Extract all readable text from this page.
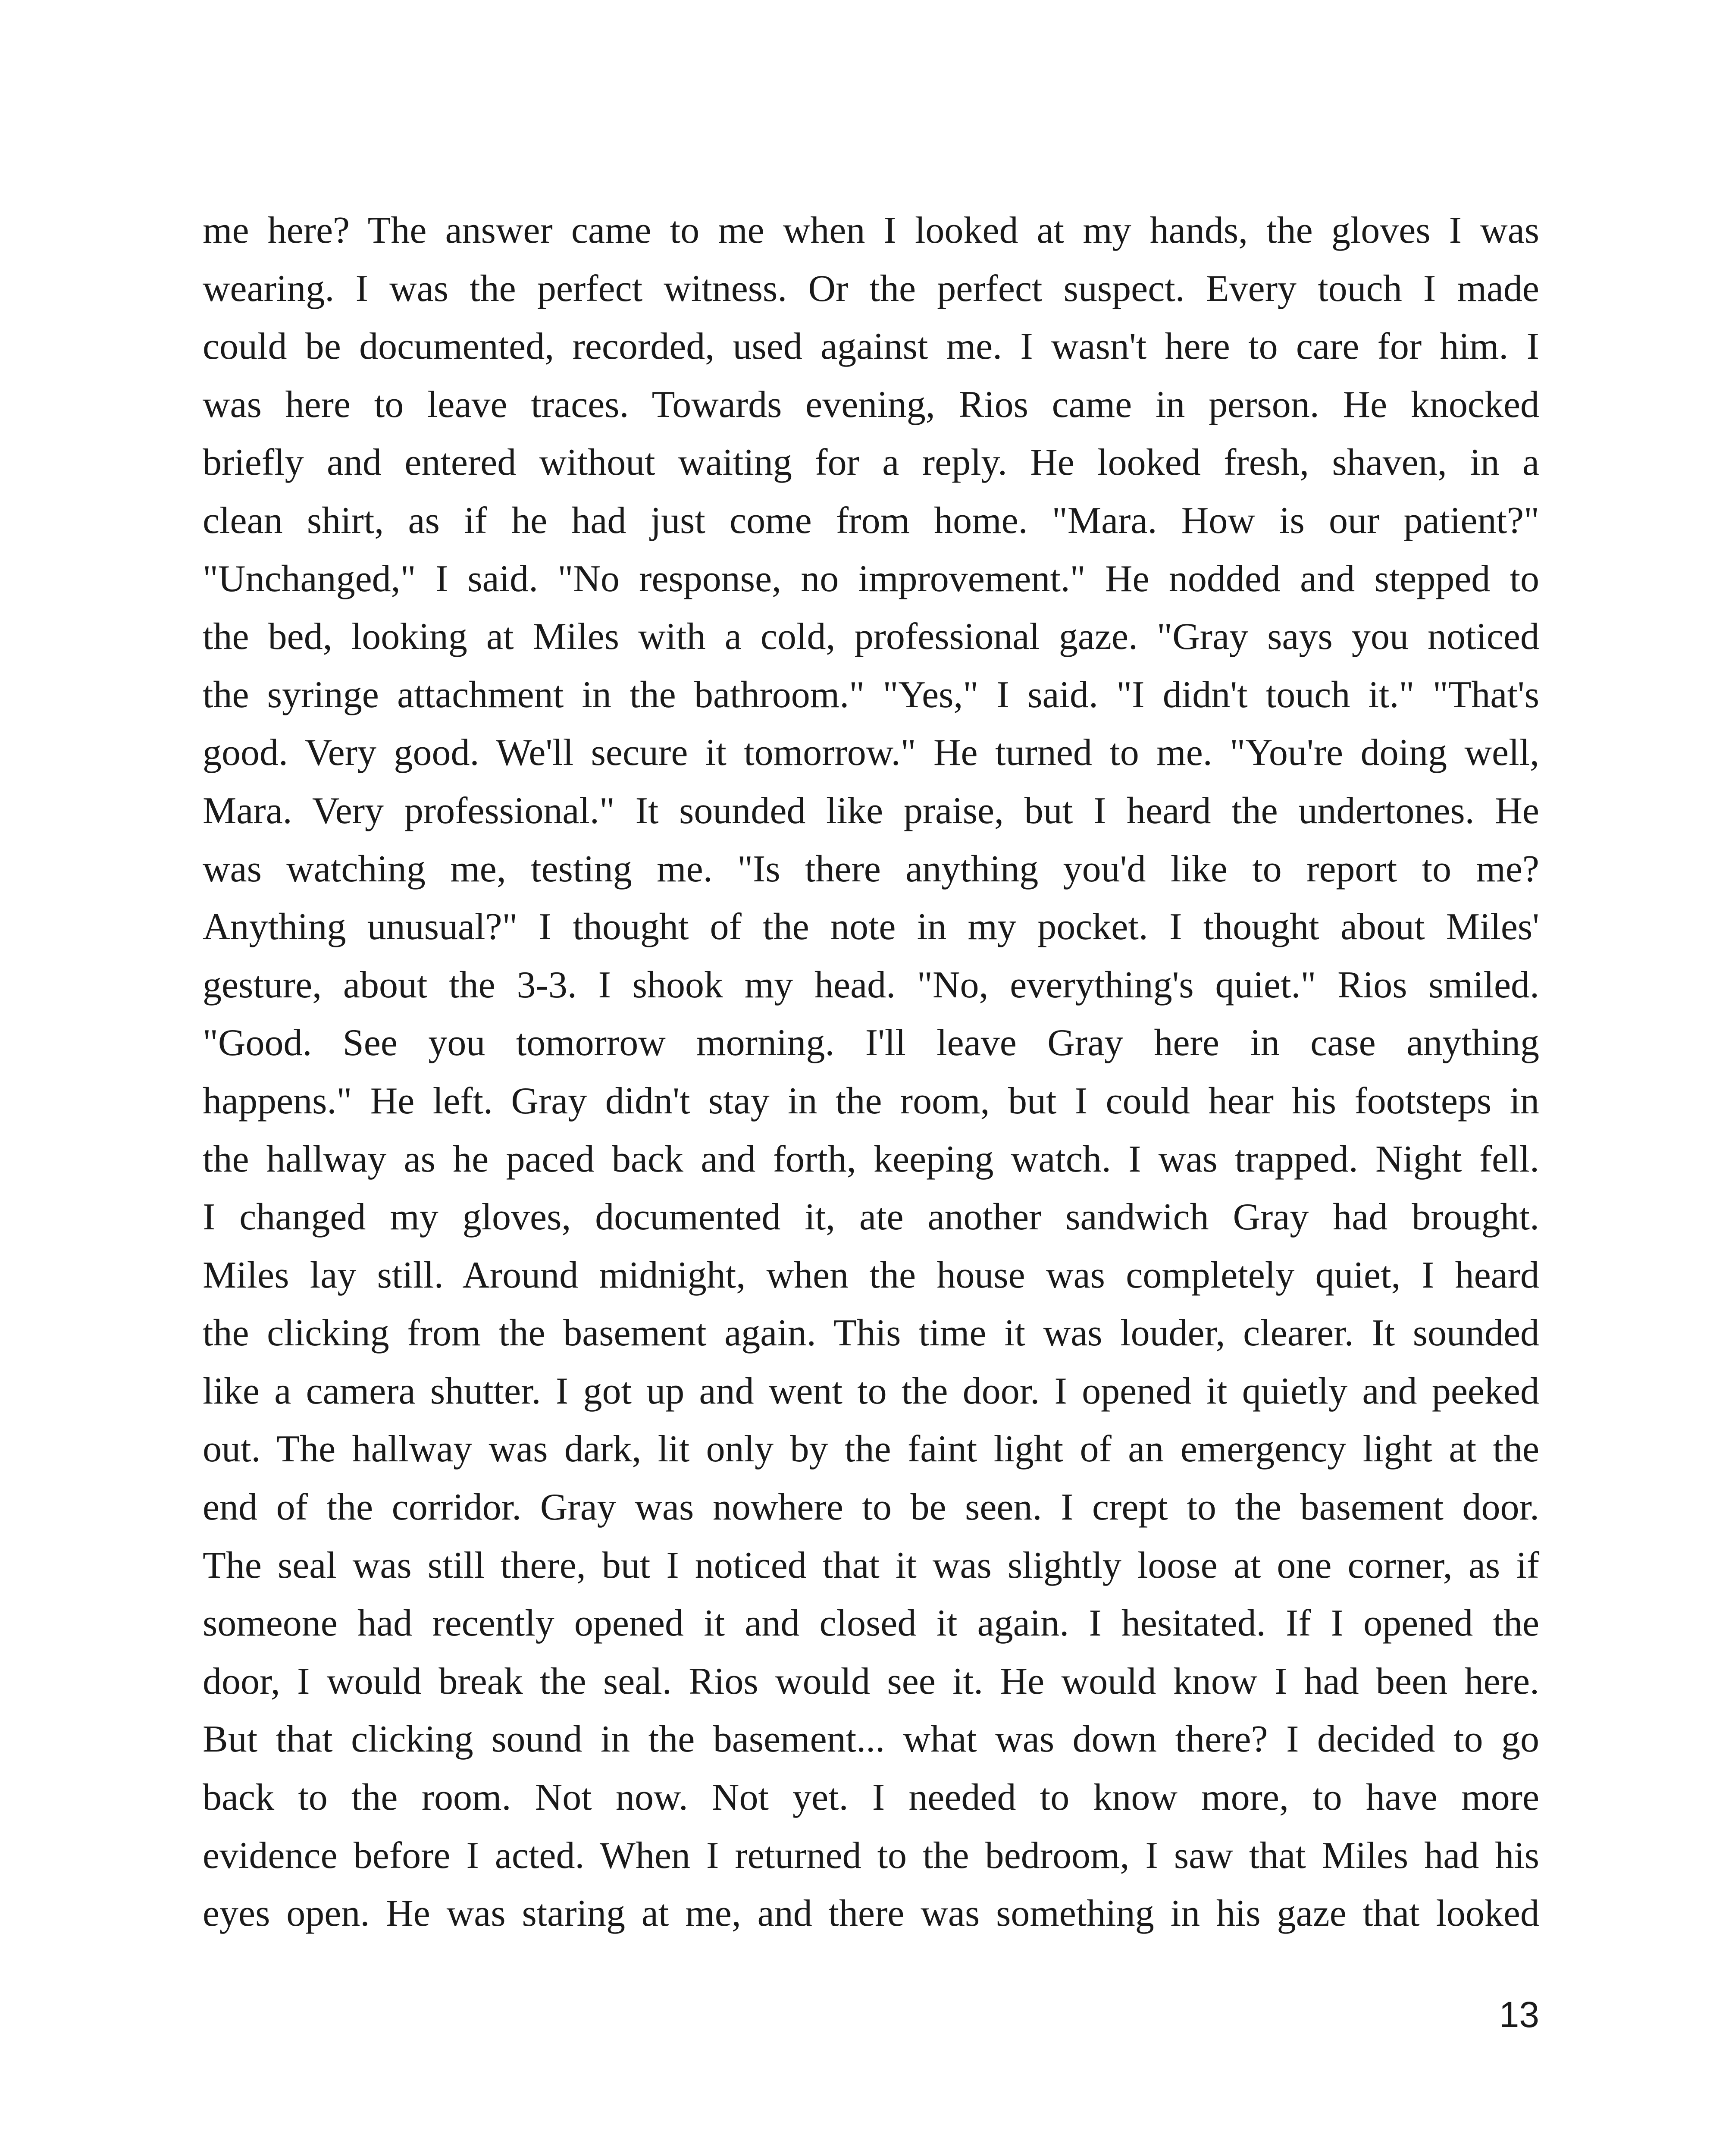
me here? The answer came to me when I looked at my hands, the gloves I was
wearing. I was the perfect witness. Or the perfect suspect. Every touch I made
could be documented, recorded, used against me. I wasn't here to care for him. I
was here to leave traces. Towards evening, Rios came in person. He knocked
briefly and entered without waiting for a reply. He looked fresh, shaven, in a
clean shirt, as if he had just come from home. "Mara. How is our patient?"
"Unchanged," I said. "No response, no improvement." He nodded and stepped to
the bed, looking at Miles with a cold, professional gaze. "Gray says you noticed
the syringe attachment in the bathroom." "Yes," I said. "I didn't touch it." "That's
good. Very good. We'll secure it tomorrow." He turned to me. "You're doing well,
Mara. Very professional." It sounded like praise, but I heard the undertones. He
was watching me, testing me. "Is there anything you'd like to report to me?
Anything unusual?" I thought of the note in my pocket. I thought about Miles'
gesture, about the 3-3. I shook my head. "No, everything's quiet." Rios smiled.
"Good. See you tomorrow morning. I'll leave Gray here in case anything
happens." He left. Gray didn't stay in the room, but I could hear his footsteps in
the hallway as he paced back and forth, keeping watch. I was trapped. Night fell.
I changed my gloves, documented it, ate another sandwich Gray had brought.
Miles lay still. Around midnight, when the house was completely quiet, I heard
the clicking from the basement again. This time it was louder, clearer. It sounded
like a camera shutter. I got up and went to the door. I opened it quietly and peeked
out. The hallway was dark, lit only by the faint light of an emergency light at the
end of the corridor. Gray was nowhere to be seen. I crept to the basement door.
The seal was still there, but I noticed that it was slightly loose at one corner, as if
someone had recently opened it and closed it again. I hesitated. If I opened the
door, I would break the seal. Rios would see it. He would know I had been here.
But that clicking sound in the basement... what was down there? I decided to go
back to the room. Not now. Not yet. I needed to know more, to have more
evidence before I acted. When I returned to the bedroom, I saw that Miles had his
eyes open. He was staring at me, and there was something in his gaze that looked
13
